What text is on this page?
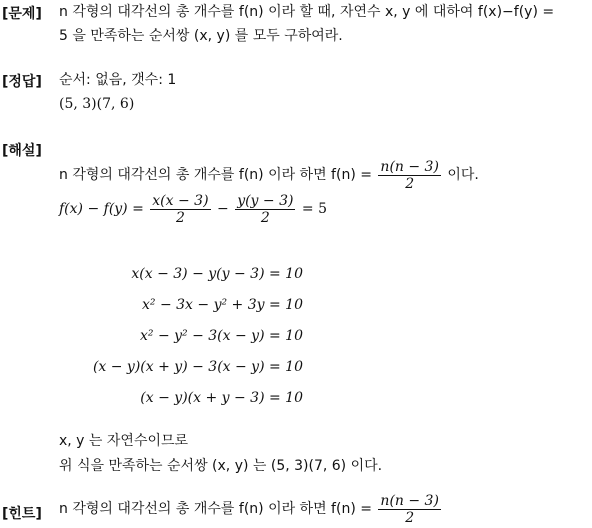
[문제] n 각형의 대각선의 총 개수를 f(n) 이라 할 때, 자연수 x, y 에 대하여 f(x)−f(y) =
5 을 만족하는 순서쌍 (x, y) 를 모두 구하여라.
[정답] 순서: 없음, 갯수: 1
(5, 3)(7, 6)
[해설]
n 각형의 대각선의 총 개수를 f(n) 이라 하면 $f(n) = \frac{n(n - 3)}{2}$ 이다.
$f(x) - f(y) = \frac{x(x - 3)}{2} - \frac{y(y - 3)}{2} = 5$
x(x − 3) − y(y − 3) = 10
x² − 3x − y² + 3y = 10
x² − y² − 3(x − y) = 10
(x − y)(x + y) − 3(x − y) = 10
(x − y)(x + y − 3) = 10
x, y 는 자연수이므로
위 식을 만족하는 순서쌍 (x, y) 는 (5, 3)(7, 6) 이다.
[힌트] n 각형의 대각선의 총 개수를 f(n) 이라 하면 $f(n) = \frac{n(n - 3)}{2}$
